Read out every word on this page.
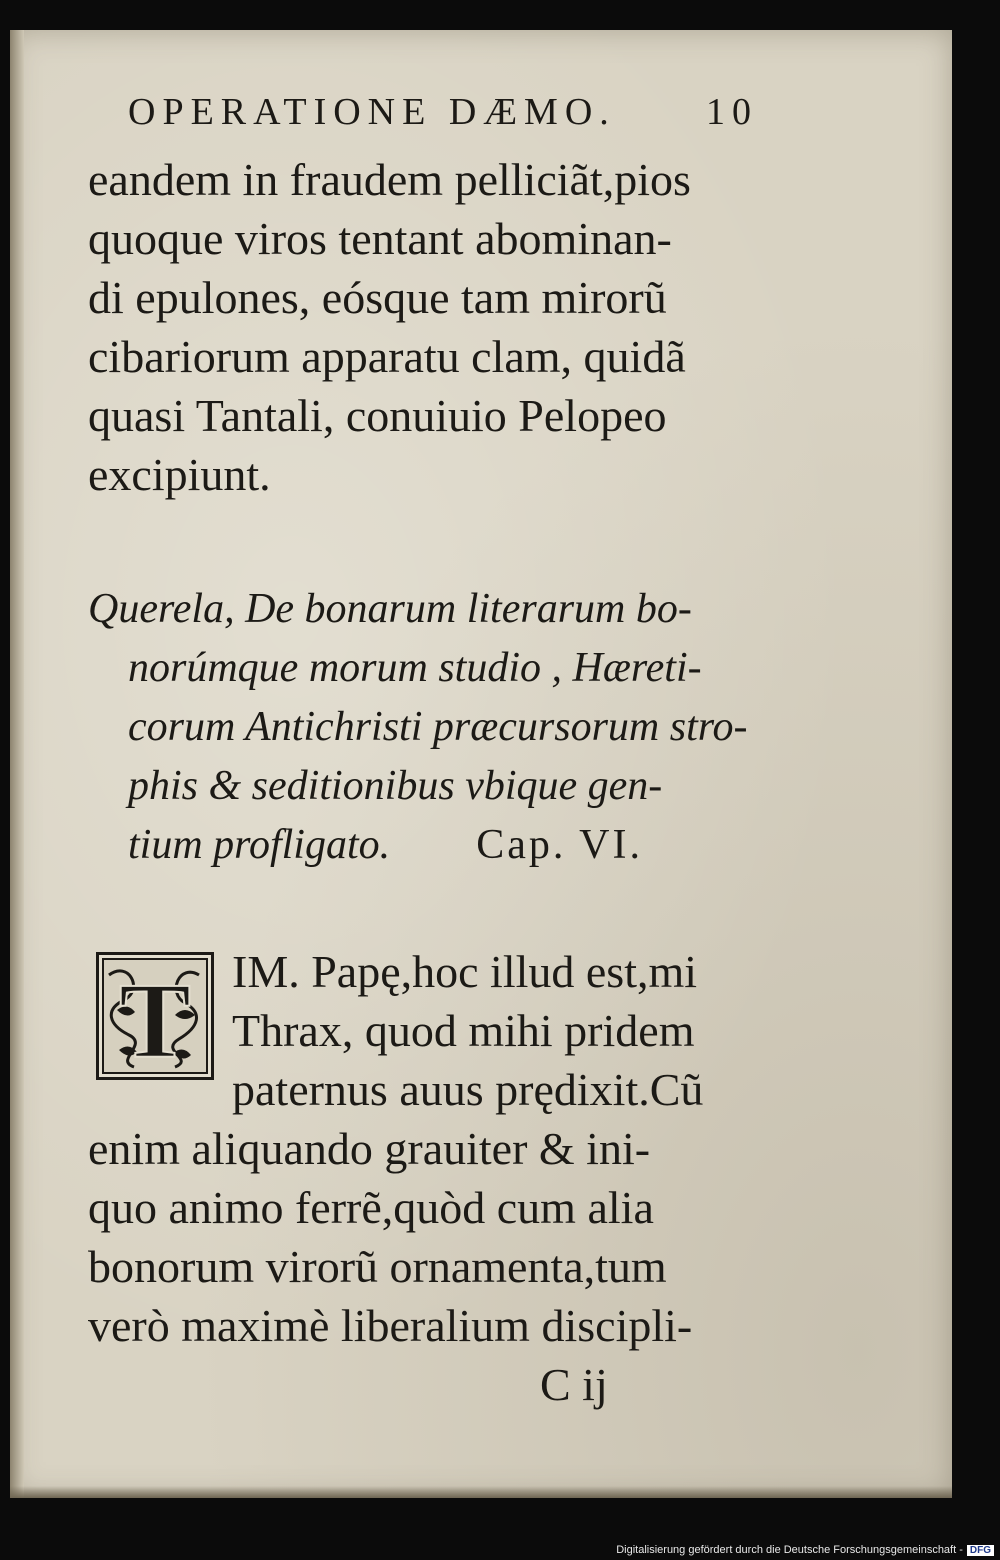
OPERATIONE DÆMO. 10

eandem in fraudem pelliciãt,pios

quoque viros tentant abominan-

di epulones, eósque tam mirorũ

cibariorum apparatu clam, quidã

quasi Tantali, conuiuio Pelopeo

excipiunt.

Querela, De bonarum literarum bo-

norúmque morum studio , Hæreti-

corum Antichristi præcursorum stro-

phis & seditionibus vbique gen-

tium profligato. Cap. VI.

T IM. Papę,hoc illud est,mi

Thrax, quod mihi pridem

paternus auus prędixit.Cũ

enim aliquando grauiter & ini-

quo animo ferrẽ,quòd cum alia

bonorum virorũ ornamenta,tum

verò maximè liberalium discipli-

C ij
Digitalisierung gefördert durch die Deutsche Forschungsgemeinschaft - DFG
